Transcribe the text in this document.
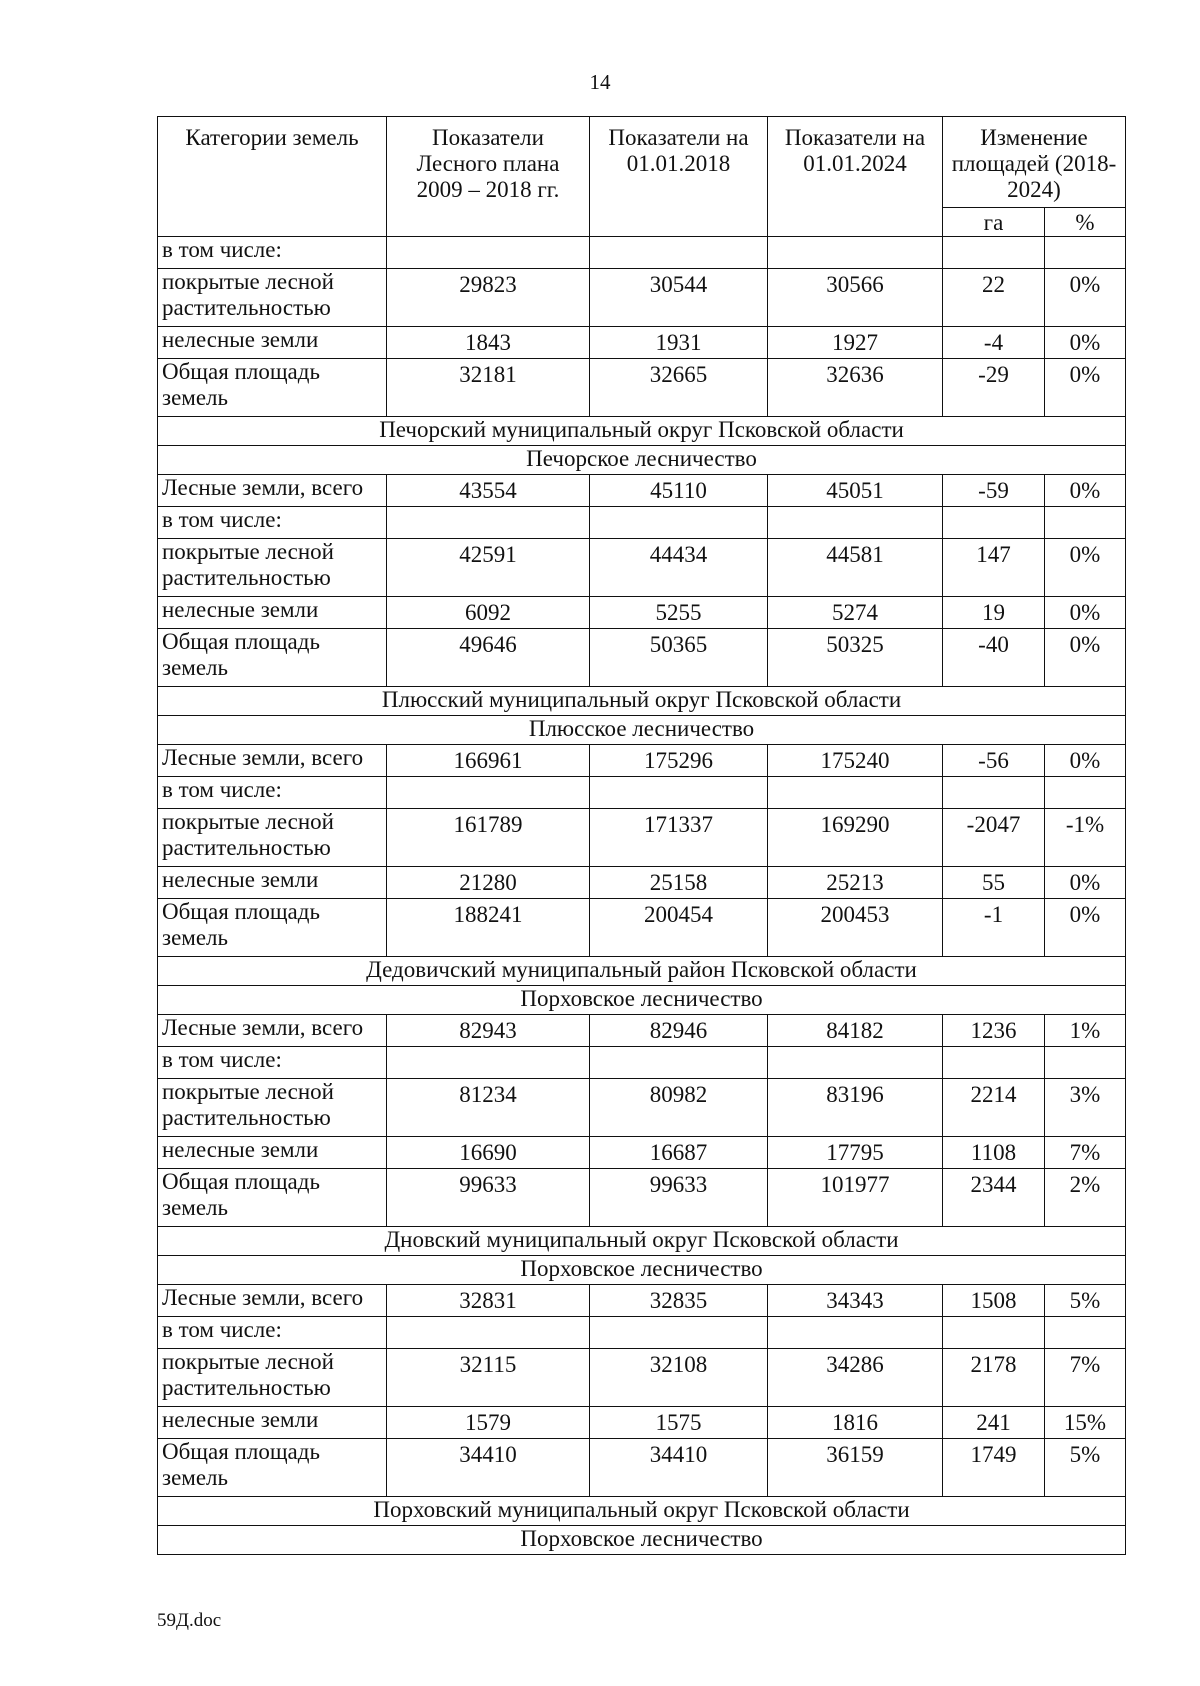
14
Категории земель	Показатели Лесного плана 2009 – 2018 гг.	Показатели на 01.01.2018	Показатели на 01.01.2024	Изменение площадей (2018-2024)	
				га	%
в том числе:					
покрытые лесной растительностью	29823	30544	30566	22	0%
нелесные земли	1843	1931	1927	-4	0%
Общая площадь земель	32181	32665	32636	-29	0%
Печорский муниципальный округ Псковской области					
Печорское лесничество					
Лесные земли, всего	43554	45110	45051	-59	0%
в том числе:					
покрытые лесной растительностью	42591	44434	44581	147	0%
нелесные земли	6092	5255	5274	19	0%
Общая площадь земель	49646	50365	50325	-40	0%
Плюсский муниципальный округ Псковской области					
Плюсское лесничество					
Лесные земли, всего	166961	175296	175240	-56	0%
в том числе:					
покрытые лесной растительностью	161789	171337	169290	-2047	-1%
нелесные земли	21280	25158	25213	55	0%
Общая площадь земель	188241	200454	200453	-1	0%
Дедовичский муниципальный район Псковской области					
Порховское лесничество					
Лесные земли, всего	82943	82946	84182	1236	1%
в том числе:					
покрытые лесной растительностью	81234	80982	83196	2214	3%
нелесные земли	16690	16687	17795	1108	7%
Общая площадь земель	99633	99633	101977	2344	2%
Дновский муниципальный округ Псковской области					
Порховское лесничество					
Лесные земли, всего	32831	32835	34343	1508	5%
в том числе:					
покрытые лесной растительностью	32115	32108	34286	2178	7%
нелесные земли	1579	1575	1816	241	15%
Общая площадь земель	34410	34410	36159	1749	5%
Порховский муниципальный округ Псковской области					
Порховское лесничество					
59Д.doc
